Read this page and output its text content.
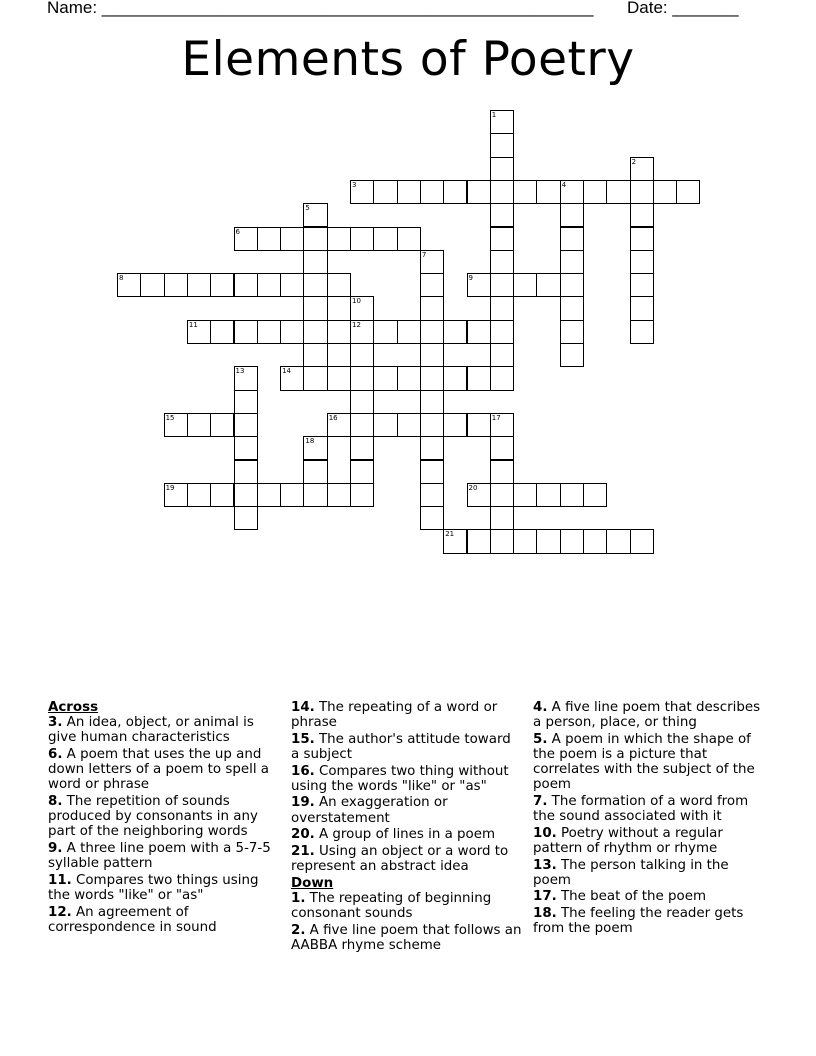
Name: ____________________________________________________ Date: _______
Elements of Poetry
1
2
3	4
5
6
7
8	9
10
12
11
13	14
15	16	17
18
19	20
21
Across
3. An idea, object, or animal is give human characteristics
6. A poem that uses the up and down letters of a poem to spell a word or phrase
8. The repetition of sounds produced by consonants in any part of the neighboring words
9. A three line poem with a 5-7-5 syllable pattern
11. Compares two things using the words "like" or "as"
12. An agreement of correspondence in sound
14. The repeating of a word or phrase
15. The author's attitude toward a subject
16. Compares two thing without using the words "like" or "as"
19. An exaggeration or overstatement
20. A group of lines in a poem
21. Using an object or a word to represent an abstract idea
Down
1. The repeating of beginning consonant sounds
2. A five line poem that follows an AABBA rhyme scheme
4. A five line poem that describes a person, place, or thing
5. A poem in which the shape of the poem is a picture that correlates with the subject of the poem
7. The formation of a word from the sound associated with it
10. Poetry without a regular pattern of rhythm or rhyme
13. The person talking in the poem
17. The beat of the poem
18. The feeling the reader gets from the poem
